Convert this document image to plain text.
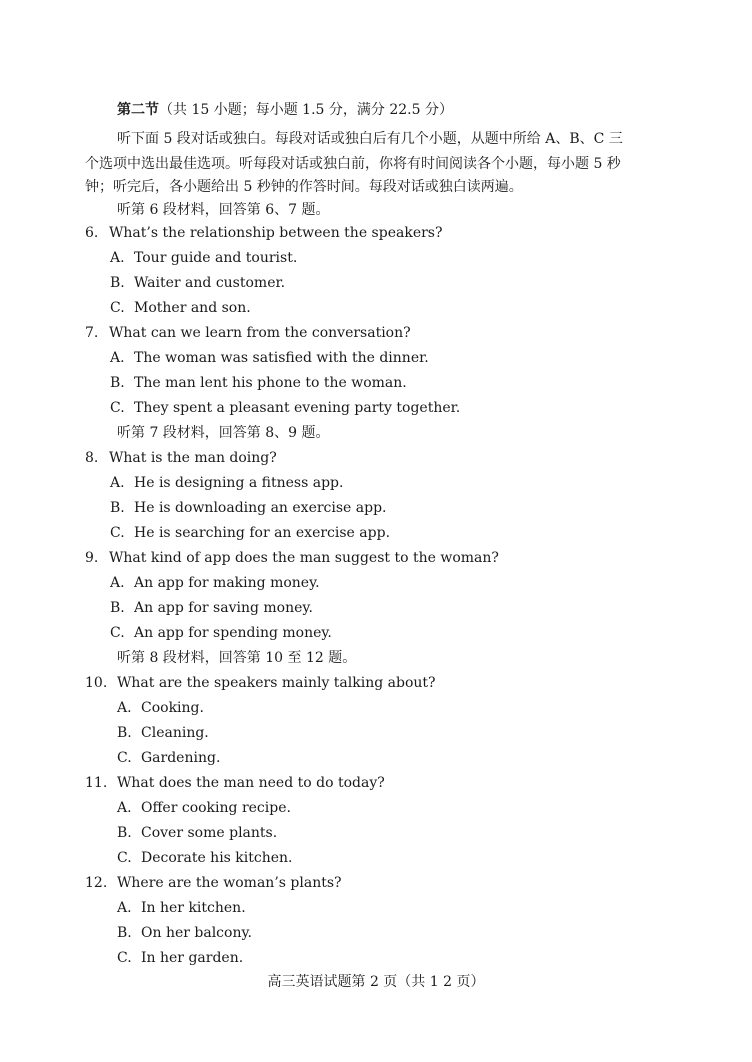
第二节（共 15 小题；每小题 1.5 分，满分 22.5 分）
听下面 5 段对话或独白。每段对话或独白后有几个小题，从题中所给 A、B、C 三
个选项中选出最佳选项。听每段对话或独白前，你将有时间阅读各个小题，每小题 5 秒
钟；听完后，各小题给出 5 秒钟的作答时间。每段对话或独白读两遍。
听第 6 段材料，回答第 6、7 题。
6. What’s the relationship between the speakers?
A. Tour guide and tourist.
B. Waiter and customer.
C. Mother and son.
7. What can we learn from the conversation?
A. The woman was satisfied with the dinner.
B. The man lent his phone to the woman.
C. They spent a pleasant evening party together.
听第 7 段材料，回答第 8、9 题。
8. What is the man doing?
A. He is designing a fitness app.
B. He is downloading an exercise app.
C. He is searching for an exercise app.
9. What kind of app does the man suggest to the woman?
A. An app for making money.
B. An app for saving money.
C. An app for spending money.
听第 8 段材料，回答第 10 至 12 题。
10. What are the speakers mainly talking about?
A. Cooking.
B. Cleaning.
C. Gardening.
11. What does the man need to do today?
A. Offer cooking recipe.
B. Cover some plants.
C. Decorate his kitchen.
12. Where are the woman’s plants?
A. In her kitchen.
B. On her balcony.
C. In her garden.
高三英语试题第 2 页（共 1 2 页）
